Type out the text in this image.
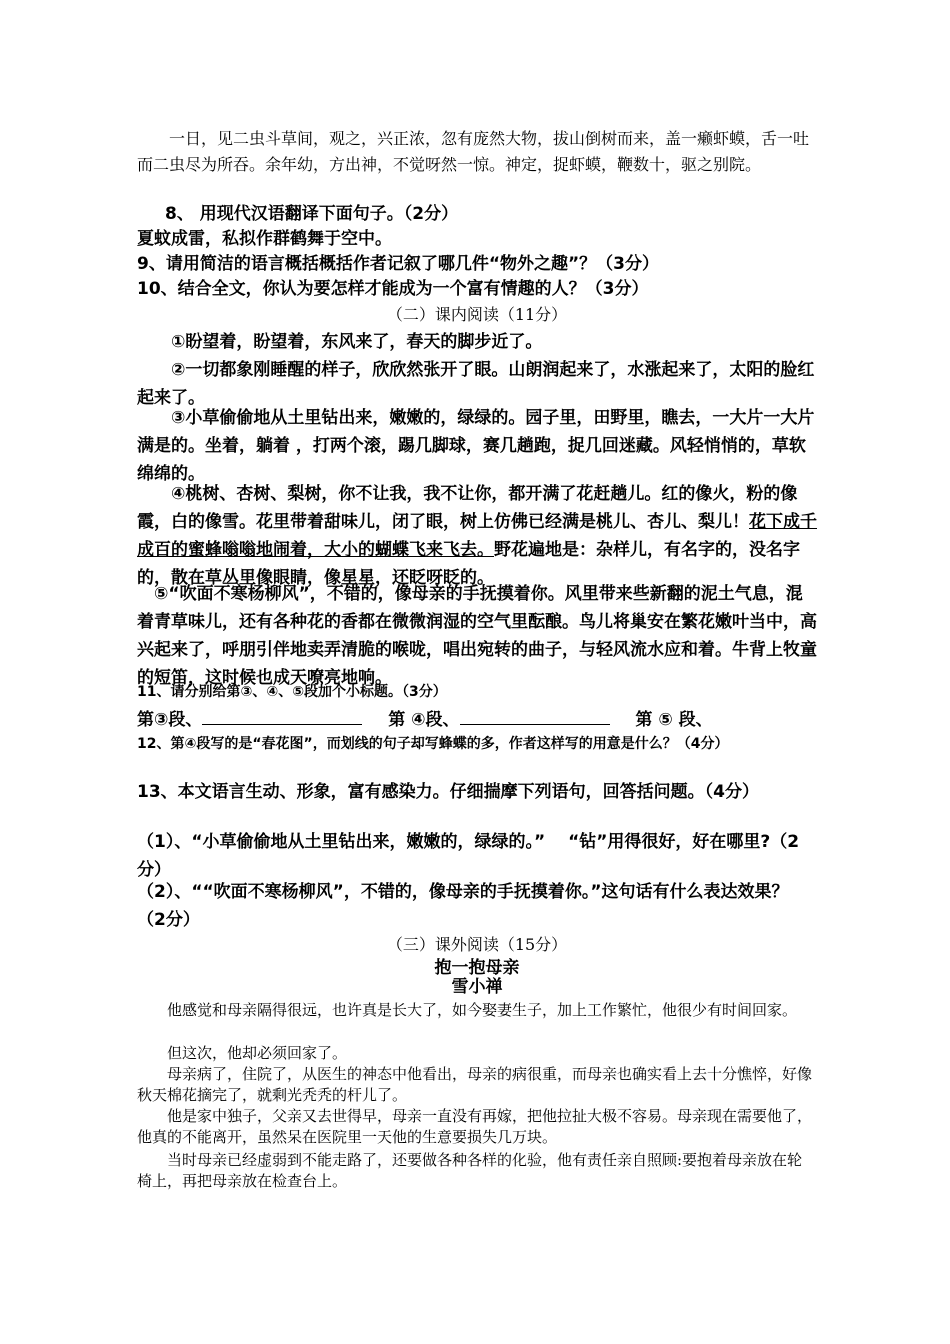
一日，见二虫斗草间，观之，兴正浓，忽有庞然大物，拔山倒树而来，盖一癞虾蟆，舌一吐而二虫尽为所吞。余年幼，方出神，不觉呀然一惊。神定，捉虾蟆，鞭数十，驱之别院。

8、 用现代汉语翻译下面句子。（2分）

夏蚊成雷，私拟作群鹤舞于空中。

9、请用简洁的语言概括概括作者记叙了哪几件“物外之趣”？（3分）

10、结合全文，你认为要怎样才能成为一个富有情趣的人？（3分）

（二）课内阅读（11分）

①盼望着，盼望着，东风来了，春天的脚步近了。

②一切都象刚睡醒的样子，欣欣然张开了眼。山朗润起来了，水涨起来了，太阳的脸红起来了。

③小草偷偷地从土里钻出来，嫩嫩的，绿绿的。园子里，田野里，瞧去，一大片一大片满是的。坐着，躺着 ，打两个滚，踢几脚球，赛几趟跑，捉几回迷藏。风轻悄悄的，草软绵绵的。

④桃树、杏树、梨树，你不让我，我不让你，都开满了花赶趟儿。红的像火，粉的像霞，白的像雪。花里带着甜味儿，闭了眼，树上仿佛已经满是桃儿、杏儿、梨儿！花下成千成百的蜜蜂嗡嗡地闹着，大小的蝴蝶飞来飞去。野花遍地是：杂样儿，有名字的，没名字的，散在草丛里像眼睛，像星星，还眨呀眨的。

⑤“吹面不寒杨柳风”，不错的，像母亲的手抚摸着你。风里带来些新翻的泥土气息，混着青草味儿，还有各种花的香都在微微润湿的空气里酝酿。鸟儿将巢安在繁花嫩叶当中，高兴起来了，呼朋引伴地卖弄清脆的喉咙，唱出宛转的曲子，与轻风流水应和着。牛背上牧童的短笛，这时候也成天嘹亮地响。

11、请分别给第③、④、⑤段加个小标题。（3分）

第③段、	第 ④段、	第 ⑤ 段、

12、第④段写的是“春花图”，而划线的句子却写蜂蝶的多，作者这样写的用意是什么？（4分）

13、本文语言生动、形象，富有感染力。仔细揣摩下列语句，回答括问题。（4分）

（1）、“小草偷偷地从土里钻出来，嫩嫩的，绿绿的。”　 “钻”用得很好，好在哪里?（2分）

（2）、““吹面不寒杨柳风”，不错的，像母亲的手抚摸着你。”这句话有什么表达效果？（2分）

（三）课外阅读（15分）

抱一抱母亲

雪小禅

他感觉和母亲隔得很远，也许真是长大了，如今娶妻生子，加上工作繁忙，他很少有时间回家。

但这次，他却必须回家了。

母亲病了，住院了，从医生的神态中他看出，母亲的病很重，而母亲也确实看上去十分憔悴，好像秋天棉花摘完了，就剩光秃秃的杆儿了。

他是家中独子，父亲又去世得早，母亲一直没有再嫁，把他拉扯大极不容易。母亲现在需要他了，他真的不能离开，虽然呆在医院里一天他的生意要损失几万块。

当时母亲已经虚弱到不能走路了，还要做各种各样的化验，他有责任亲自照顾:要抱着母亲放在轮椅上，再把母亲放在检查台上。
